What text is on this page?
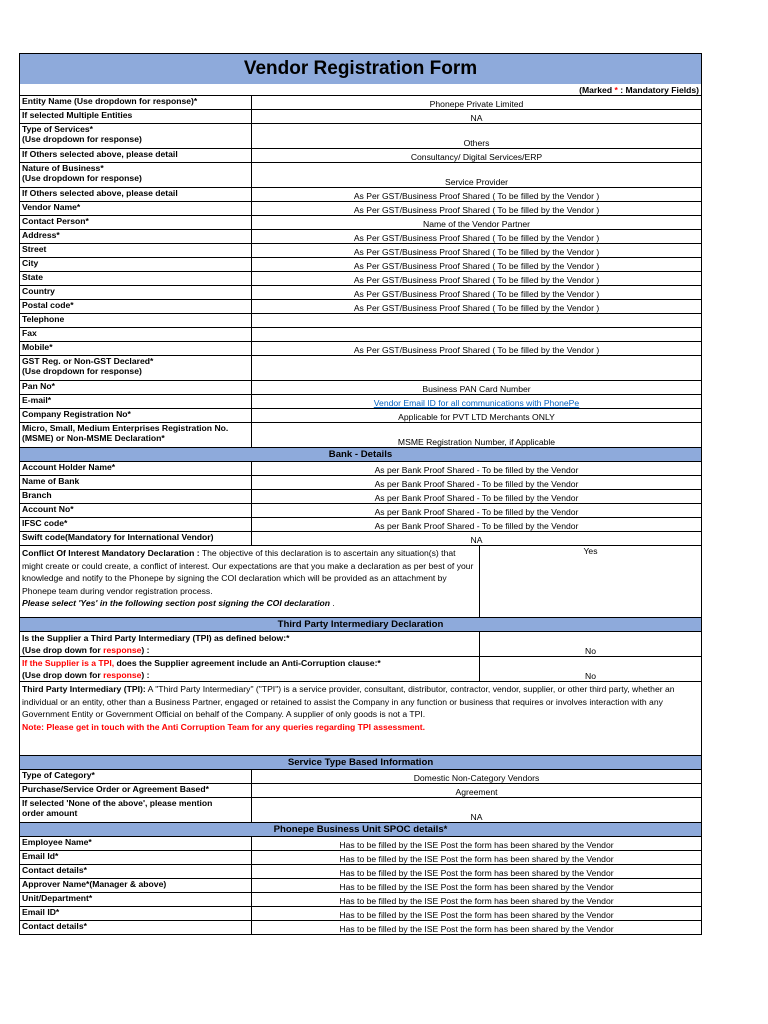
Vendor Registration Form		
(Marked * : Mandatory Fields)		
Entity Name (Use dropdown for response)*	Phonepe Private Limited	
If selected Multiple Entities	NA	
Type of Services*
(Use dropdown for response)	Others	
If Others selected above, please detail	Consultancy/ Digital Services/ERP	
Nature of Business*
(Use dropdown for response)	Service Provider	
If Others selected above, please detail	As Per GST/Business Proof Shared ( To be filled by the Vendor )	
Vendor Name*	As Per GST/Business Proof Shared ( To be filled by the Vendor )	
Contact Person*	Name of the Vendor Partner	
Address*	As Per GST/Business Proof Shared ( To be filled by the Vendor )	
Street	As Per GST/Business Proof Shared ( To be filled by the Vendor )	
City	As Per GST/Business Proof Shared ( To be filled by the Vendor )	
State	As Per GST/Business Proof Shared ( To be filled by the Vendor )	
Country	As Per GST/Business Proof Shared ( To be filled by the Vendor )	
Postal code*	As Per GST/Business Proof Shared ( To be filled by the Vendor )	
Telephone		
Fax		
Mobile*	As Per GST/Business Proof Shared ( To be filled by the Vendor )	
GST Reg. or Non-GST Declared*
(Use dropdown for response)		
Pan No*	Business PAN Card Number	
E-mail*	Vendor Email ID for all communications with PhonePe	
Company Registration No*	Applicable for PVT LTD Merchants ONLY	
Micro, Small, Medium Enterprises Registration No.
(MSME) or Non-MSME Declaration*	MSME Registration Number, if Applicable	
Bank - Details		
Account Holder Name*	As per Bank Proof Shared - To be filled by the Vendor	
Name of Bank	As per Bank Proof Shared - To be filled by the Vendor	
Branch	As per Bank Proof Shared - To be filled by the Vendor	
Account No*	As per Bank Proof Shared - To be filled by the Vendor	
IFSC code*	As per Bank Proof Shared - To be filled by the Vendor	
Swift code(Mandatory for International Vendor)	NA	
Conflict Of Interest Mandatory Declaration : The objective of this declaration is to ascertain any situation(s) that might create or could create, a conflict of interest. Our expectations are that you make a declaration as per best of your knowledge and notify to the Phonepe by signing the COI declaration which will be provided as an attachment by Phonepe team during vendor registration process.
Please select 'Yes' in the following section post signing the COI declaration .		Yes
Third Party Intermediary Declaration		
Is the Supplier a Third Party Intermediary (TPI) as defined below:*
(Use drop down for response) :		No
If the Supplier is a TPI, does the Supplier agreement include an Anti-Corruption clause:*
(Use drop down for response) :		No
Third Party Intermediary (TPI): A "Third Party Intermediary" ("TPI") is a service provider, consultant, distributor, contractor, vendor, supplier, or other third party, whether an individual or an entity, other than a Business Partner, engaged or retained to assist the Company in any function or business that requires or involves interaction with any Government Entity or Government Official on behalf of the Company. A supplier of only goods is not a TPI.
Note: Please get in touch with the Anti Corruption Team for any queries regarding TPI assessment.		
Service Type Based Information		
Type of Category*	Domestic Non-Category Vendors	
Purchase/Service Order or Agreement Based*	Agreement	
If selected 'None of the above', please mention
order amount	NA	
Phonepe Business Unit SPOC details*		
Employee Name*	Has to be filled by the ISE Post the form has been shared by the Vendor	
Email Id*	Has to be filled by the ISE Post the form has been shared by the Vendor	
Contact details*	Has to be filled by the ISE Post the form has been shared by the Vendor	
Approver Name*(Manager & above)	Has to be filled by the ISE Post the form has been shared by the Vendor	
Unit/Department*	Has to be filled by the ISE Post the form has been shared by the Vendor	
Email ID*	Has to be filled by the ISE Post the form has been shared by the Vendor	
Contact details*	Has to be filled by the ISE Post the form has been shared by the Vendor	
